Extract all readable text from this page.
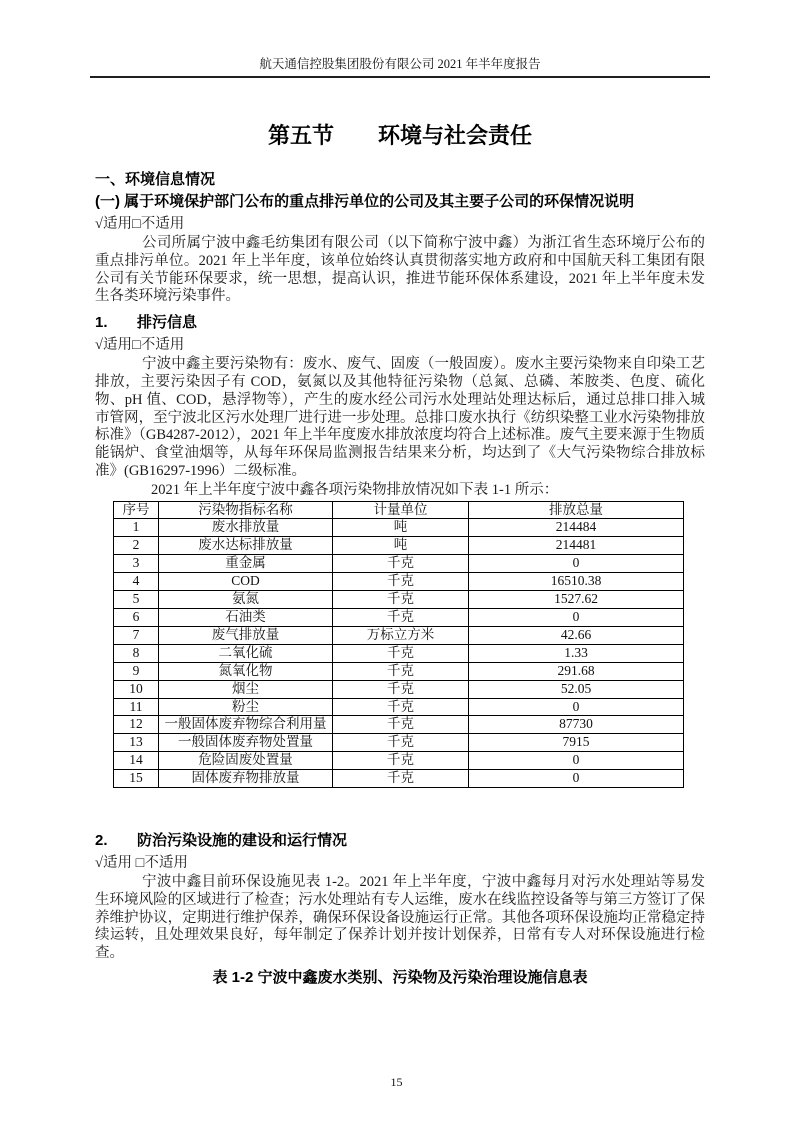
航天通信控股集团股份有限公司 2021 年半年度报告
第五节　　环境与社会责任
一、环境信息情况
(一) 属于环境保护部门公布的重点排污单位的公司及其主要子公司的环保情况说明
√适用□不适用

公司所属宁波中鑫毛纺集团有限公司（以下简称宁波中鑫）为浙江省生态环境厅公布的重点排污单位。2021 年上半年度，该单位始终认真贯彻落实地方政府和中国航天科工集团有限公司有关节能环保要求，统一思想，提高认识，推进节能环保体系建设，2021 年上半年度未发生各类环境污染事件。

1. 排污信息
√适用□不适用

宁波中鑫主要污染物有：废水、废气、固废（一般固废）。废水主要污染物来自印染工艺排放，主要污染因子有 COD，氨氮以及其他特征污染物（总氮、总磷、苯胺类、色度、硫化物、pH 值、COD，悬浮物等），产生的废水经公司污水处理站处理达标后，通过总排口排入城市管网，至宁波北区污水处理厂进行进一步处理。总排口废水执行《纺织染整工业水污染物排放标准》（GB4287-2012），2021 年上半年度废水排放浓度均符合上述标准。废气主要来源于生物质能锅炉、食堂油烟等，从每年环保局监测报告结果来分析，均达到了《大气污染物综合排放标准》(GB16297-1996）二级标准。

2021 年上半年度宁波中鑫各项污染物排放情况如下表 1-1 所示：

序号	污染物指标名称	计量单位	排放总量
1	废水排放量	吨	214484
2	废水达标排放量	吨	214481
3	重金属	千克	0
4	COD	千克	16510.38
5	氨氮	千克	1527.62
6	石油类	千克	0
7	废气排放量	万标立方米	42.66
8	二氧化硫	千克	1.33
9	氮氧化物	千克	291.68
10	烟尘	千克	52.05
11	粉尘	千克	0
12	一般固体废弃物综合利用量	千克	87730
13	一般固体废弃物处置量	千克	7915
14	危险固废处置量	千克	0
15	固体废弃物排放量	千克	0
2. 防治污染设施的建设和运行情况
√适用 □不适用

宁波中鑫目前环保设施见表 1-2。2021 年上半年度，宁波中鑫每月对污水处理站等易发生环境风险的区域进行了检查；污水处理站有专人运维，废水在线监控设备等与第三方签订了保养维护协议，定期进行维护保养，确保环保设备设施运行正常。其他各项环保设施均正常稳定持续运转，且处理效果良好，每年制定了保养计划并按计划保养，日常有专人对环保设施进行检查。

表 1-2 宁波中鑫废水类别、污染物及污染治理设施信息表

15
